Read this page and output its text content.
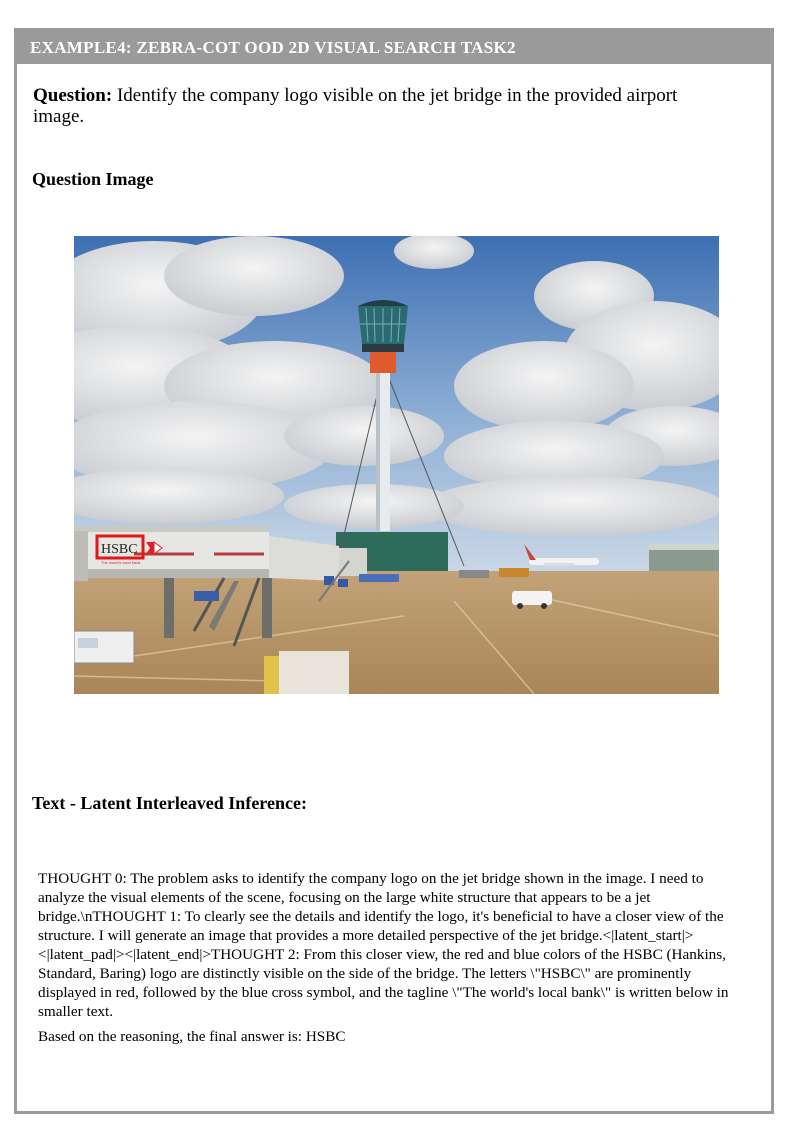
EXAMPLE4: ZEBRA-COT OOD 2D VISUAL SEARCH TASK2
Question: Identify the company logo visible on the jet bridge in the provided airport image.
Question Image
HSBC
The world's local bank
Text - Latent Interleaved Inference:
THOUGHT 0: The problem asks to identify the company logo on the jet bridge shown in the image. I need to analyze the visual elements of the scene, focusing on the large white structure that appears to be a jet bridge.\nTHOUGHT 1: To clearly see the details and identify the logo, it's beneficial to have a closer view of the structure. I will generate an image that provides a more detailed perspective of the jet bridge.<|latent_start|><|latent_pad|><|latent_end|>THOUGHT 2: From this closer view, the red and blue colors of the HSBC (Hankins, Standard, Baring) logo are distinctly visible on the side of the bridge. The letters \"HSBC\" are prominently displayed in red, followed by the blue cross symbol, and the tagline \"The world's local bank\" is written below in smaller text.
Based on the reasoning, the final answer is: HSBC
